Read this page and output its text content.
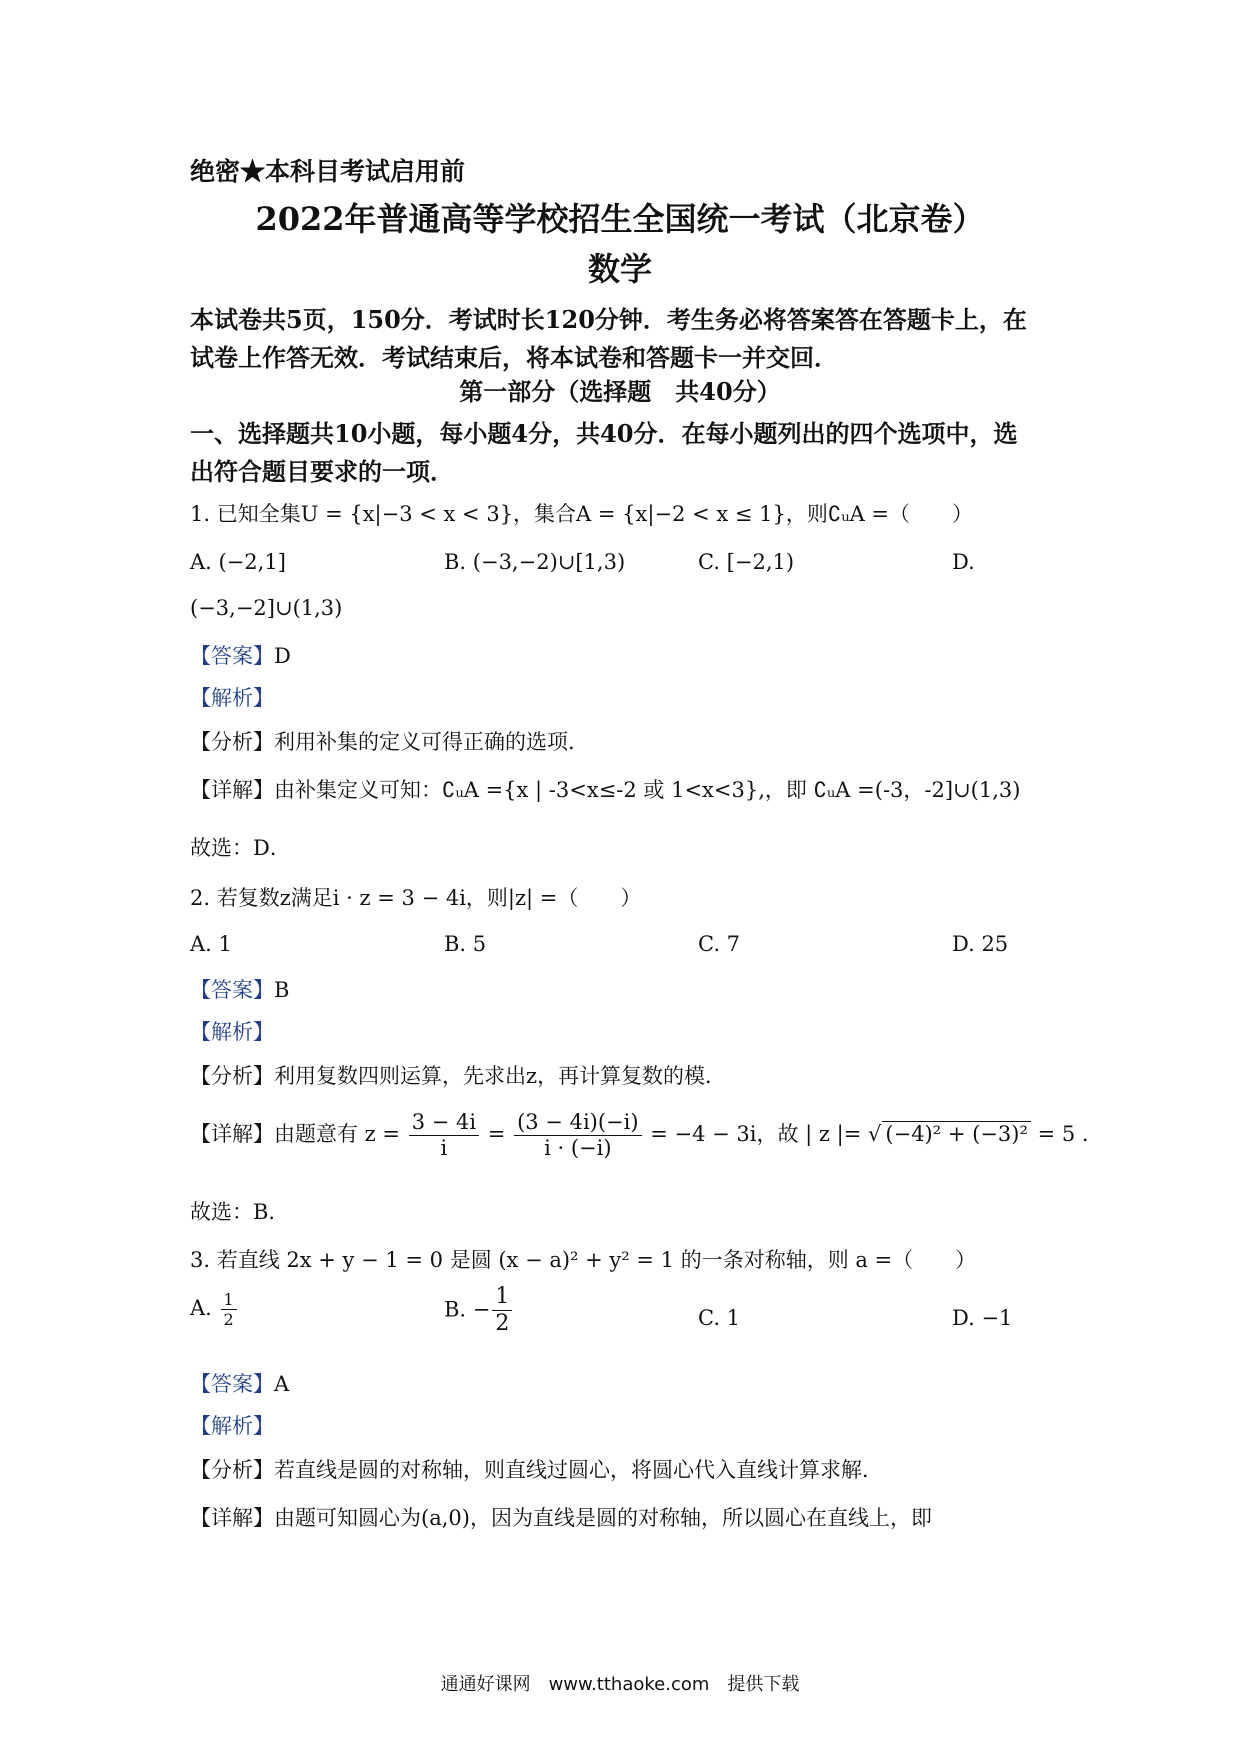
绝密★本科目考试启用前
2022年普通高等学校招生全国统一考试（北京卷）
数学
本试卷共5页，150分．考试时长120分钟．考生务必将答案答在答题卡上，在
试卷上作答无效．考试结束后，将本试卷和答题卡一并交回．
第一部分（选择题　共40分）
一、选择题共10小题，每小题4分，共40分．在每小题列出的四个选项中，选
出符合题目要求的一项．
1. 已知全集U = {x|−3 < x < 3}，集合A = {x|−2 < x ≤ 1}，则∁ᵤA =（　　）
A. (−2,1]	B. (−3,−2)∪[1,3)	C. [−2,1)	D.
(−3,−2]∪(1,3)
【答案】D
【解析】
【分析】利用补集的定义可得正确的选项．
【详解】由补集定义可知：∁ᵤA ={x | -3<x≤-2 或 1<x<3},，即 ∁ᵤA =(-3，-2]∪(1,3)
故选：D．
2. 若复数z满足i · z = 3 − 4i，则|z| =（　　）
A. 1	B. 5	C. 7	D. 25
【答案】B
【解析】
【分析】利用复数四则运算，先求出z，再计算复数的模．
【详解】由题意有 $z = \frac{3 - 4i}{i} = \frac{(3 - 4i)(-i)}{i \cdot (-i)} = -4 - 3i$，故 | z |= √ (−4)² + (−3)² = 5 .
故选：B．
3. 若直线 2x + y − 1 = 0 是圆 (x − a)² + y² = 1 的一条对称轴，则 a =（　　）
A. $\frac{1}{2}$	B. − $\frac{1}{2}$	C. 1	D. −1
【答案】A
【解析】
【分析】若直线是圆的对称轴，则直线过圆心，将圆心代入直线计算求解．
【详解】由题可知圆心为(a,0)，因为直线是圆的对称轴，所以圆心在直线上，即
通通好课网　www.tthaoke.com　提供下载
